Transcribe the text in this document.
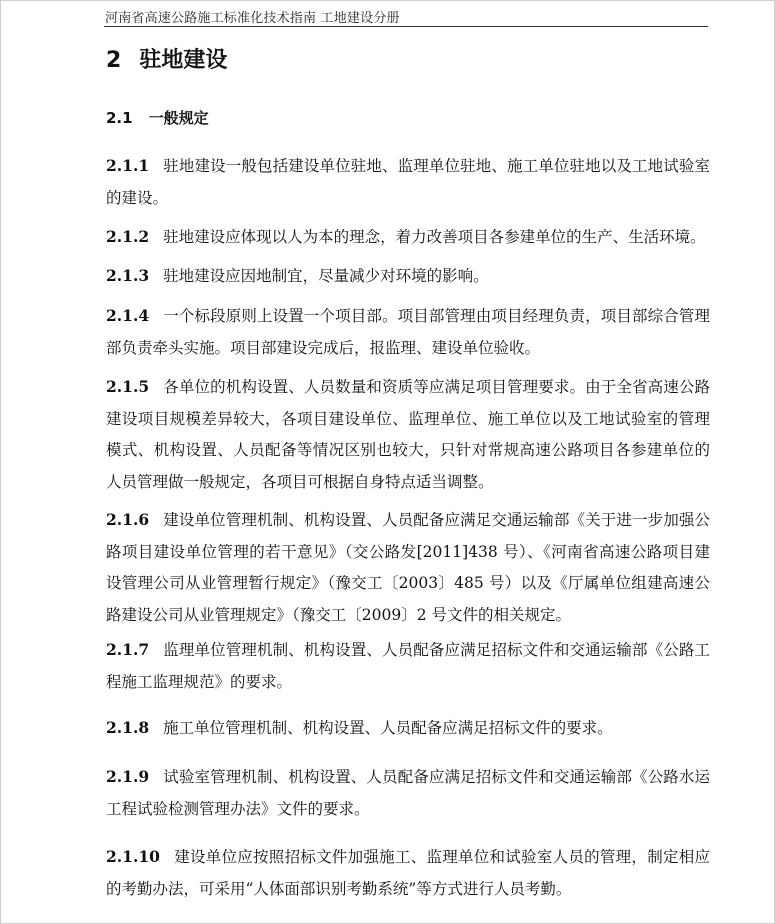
河南省高速公路施工标准化技术指南 工地建设分册
2 驻地建设
2.1 一般规定
2.1.1 驻地建设一般包括建设单位驻地、监理单位驻地、施工单位驻地以及工地试验室的建设。
2.1.2 驻地建设应体现以人为本的理念，着力改善项目各参建单位的生产、生活环境。
2.1.3 驻地建设应因地制宜，尽量减少对环境的影响。
2.1.4 一个标段原则上设置一个项目部。项目部管理由项目经理负责，项目部综合管理部负责牵头实施。项目部建设完成后，报监理、建设单位验收。
2.1.5 各单位的机构设置、人员数量和资质等应满足项目管理要求。由于全省高速公路建设项目规模差异较大，各项目建设单位、监理单位、施工单位以及工地试验室的管理模式、机构设置、人员配备等情况区别也较大，只针对常规高速公路项目各参建单位的人员管理做一般规定，各项目可根据自身特点适当调整。
2.1.6 建设单位管理机制、机构设置、人员配备应满足交通运输部《关于进一步加强公路项目建设单位管理的若干意见》（交公路发[2011]438 号）、《河南省高速公路项目建设管理公司从业管理暂行规定》（豫交工〔2003〕485 号）以及《厅属单位组建高速公路建设公司从业管理规定》（豫交工〔2009〕2 号文件的相关规定。
2.1.7 监理单位管理机制、机构设置、人员配备应满足招标文件和交通运输部《公路工程施工监理规范》的要求。
2.1.8 施工单位管理机制、机构设置、人员配备应满足招标文件的要求。
2.1.9 试验室管理机制、机构设置、人员配备应满足招标文件和交通运输部《公路水运工程试验检测管理办法》文件的要求。
2.1.10 建设单位应按照招标文件加强施工、监理单位和试验室人员的管理，制定相应的考勤办法，可采用“人体面部识别考勤系统”等方式进行人员考勤。
